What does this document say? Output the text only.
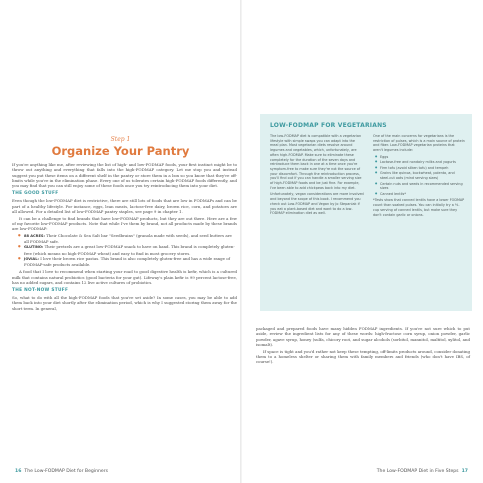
Step 1
Organize Your Pantry

If you're anything like me, after reviewing the list of high- and low-FODMAP foods, your first instinct might be to throw out anything and everything that falls into the high-FODMAP category. Let me stop you and instead suggest you put these items on a different shelf in the pantry or store them in a box so you know that they're off-limits while you're in the elimination phase. Every one of us tolerates certain high-FODMAP foods differently, and you may find that you can still enjoy some of these foods once you try reintroducing them into your diet.

THE GOOD STUFF

Even though the low-FODMAP diet is restrictive, there are still lots of foods that are low in FODMAPs and can be part of a healthy lifestyle. For instance, eggs, lean meats, lactose-free dairy, brown rice, corn, and potatoes are all allowed. For a detailed list of low-FODMAP pantry staples, see page 9 in chapter 1.

It can be a challenge to find brands that have low-FODMAP products, but they are out there. Here are a few of my favorite low-FODMAP products. Note that while I've them by brand, not all products made by these brands are low-FODMAP:

● 88 ACRES: Their Chocolate & Sea Salt bar "Seedbrains" (granola made with seeds), and seed butters are all FODMAP safe.
● GLUTINO: Their pretzels are a great low-FODMAP snack to have on hand. This brand is completely gluten-free (which means no high-FODMAP wheat) and easy to find in most grocery stores.
● JOVIAL: I love their brown rice pastas. This brand is also completely gluten-free and has a wide range of FODMAP-safe products available.

A food that I love to recommend when starting your road to good digestive health is kefir, which is a cultured milk that contains natural probiotics (good bacteria for your gut). Lifeway's plain kefir is 99 percent lactose-free, has no added sugars, and contains 12 live active cultures of probiotics.

THE NOT-NOW STUFF

So, what to do with all the high-FODMAP foods that you're set aside? In some cases, you may be able to add them back into your diet shortly after the elimination period, which is why I suggested storing them away for the short term. In general,

16 The Low-FODMAP Diet for Beginners
LOW-FODMAP FOR VEGETARIANS

The low-FODMAP diet is compatible with a vegetarian lifestyle with simple swaps you can adapt into the meal plan. Most vegetarian diets revolve around legumes and vegetables, which, unfortunately, are often high-FODMAP. Make sure to eliminate these completely for the duration of the seven days and reintroduce them back in one at a time once you're symptom-free to make sure they're not the source of your discomfort. Through the reintroduction process, you'll find out if you can handle a smaller serving size of high-FODMAP foods and be just fine. For example, I've been able to add chickpeas back into my diet.

Unfortunately, vegan considerations are more involved and beyond the scope of this book. I recommend you check out Low-FODMAP and Vegan by Jo Stepaniak if you eat a plant-based diet and want to do a low-FODMAP elimination diet as well.

One of the main concerns for vegetarians is the restriction of pulses, which is a main source of protein and fiber. Low-FODMAP vegetarian proteins that aren't legumes include:

● Eggs
● Lactose-free and nondairy milks and yogurts
● Firm tofu (avoid silken tofu) and tempeh
● Grains like quinoa, buckwheat, polenta, and steel-cut oats (mind serving sizes)
● Certain nuts and seeds in recommended serving sizes
● Canned lentils*

*Tests show that canned lentils have a lower FODMAP count than soaked pulses. You can initially try a ½-cup serving of canned lentils, but make sure they don't contain garlic or onions.

packaged and prepared foods have many hidden FODMAP ingredients. If you're not sure which to put aside, review the ingredient lists for any of these words: high-fructose corn syrup, onion powder, garlic powder, agave syrup, honey (sulfa, chicory root, and sugar alcohols (sorbitol, mannitol, maltitol, xylitol, and isomalt).

If space is tight and you'd rather not keep these tempting, off-limits products around, consider donating them to a homeless shelter or sharing them with family members and friends (who don't have IBS, of course!).

The Low-FODMAP Diet in Five Steps 17
